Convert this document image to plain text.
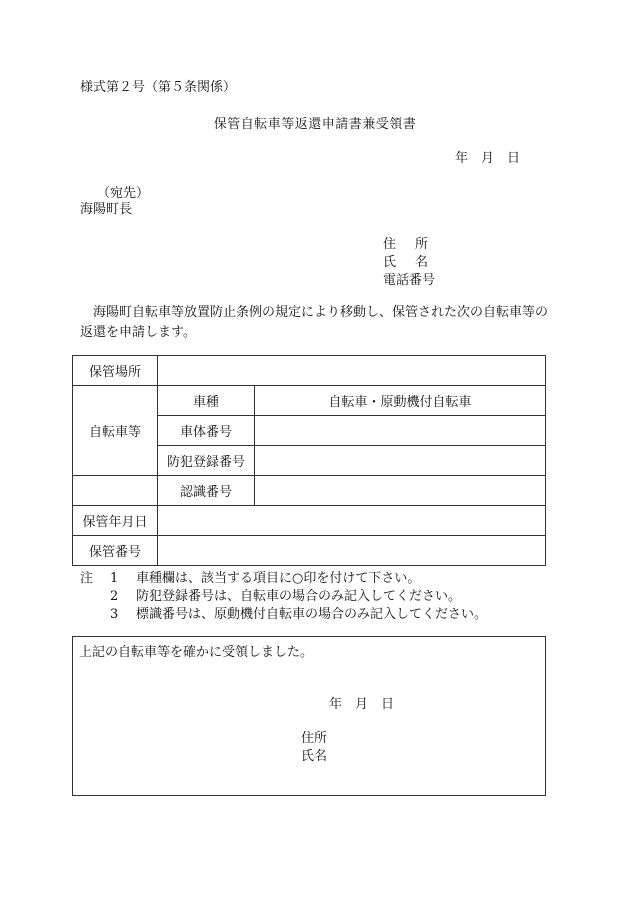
様式第２号（第５条関係）
保管自転車等返還申請書兼受領書
年　月　日
（宛先）
海陽町長
住所
氏名
電話番号
海陽町自転車等放置防止条例の規定により移動し、保管された次の自転車等の返還を申請します。
保管場所		
自転車等	車種	自転車・原動機付自転車
	車体番号	
	防犯登録番号	
	認識番号	
保管年月日		
保管番号		
注	1	車種欄は、該当する項目に○印を付けて下さい。
2	防犯登録番号は、自転車の場合のみ記入してください。
3	標識番号は、原動機付自転車の場合のみ記入してください。
上記の自転車等を確かに受領しました。
年　月　日
住所
氏名
